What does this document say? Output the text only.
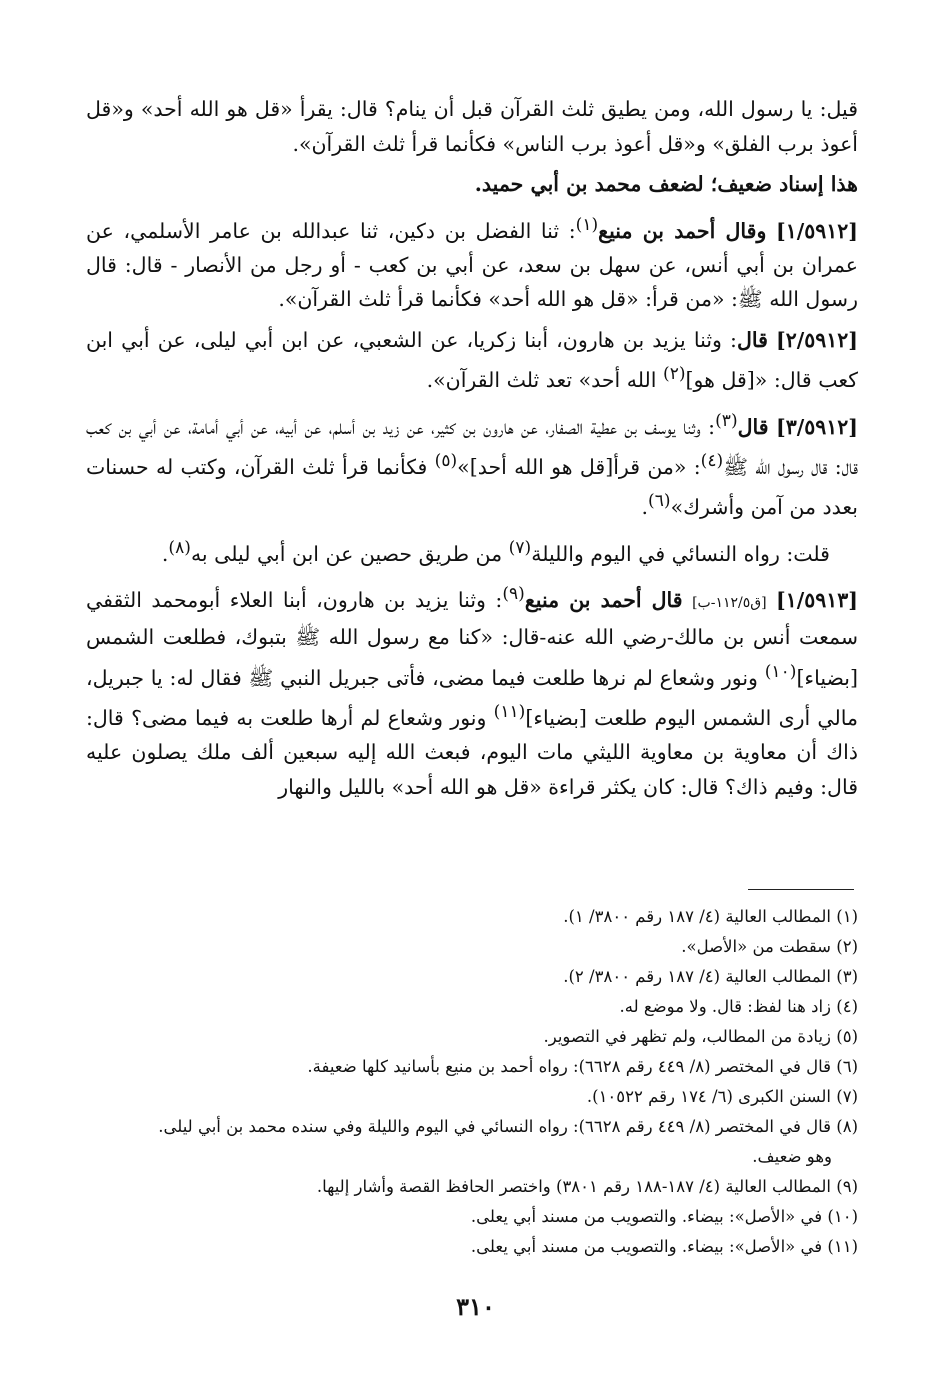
قيل: يا رسول الله، ومن يطيق ثلث القرآن قبل أن ينام؟ قال: يقرأ «قل هو الله أحد» و«قل أعوذ برب الفلق» و«قل أعوذ برب الناس» فكأنما قرأ ثلث القرآن».

هذا إسناد ضعيف؛ لضعف محمد بن أبي حميد.

[١/٥٩١٢] وقال أحمد بن منيع$^{(١)}$: ثنا الفضل بن دكين، ثنا عبدالله بن عامر الأسلمي، عن عمران بن أبي أنس، عن سهل بن سعد، عن أبي بن كعب - أو رجل من الأنصار - قال: قال رسول الله ﷺ: «من قرأ: «قل هو الله أحد» فكأنما قرأ ثلث القرآن».

[٢/٥٩١٢] قال: وثنا يزيد بن هارون، أبنا زكريا، عن الشعبي، عن ابن أبي ليلى، عن أبي ابن كعب قال: «[قل هو]$^{(٢)}$ الله أحد» تعد ثلث القرآن».

[٣/٥٩١٢] قال$^{(٣)}$: وثنا يوسف بن عطية الصفار، عن هارون بن كثير، عن زيد بن أسلم، عن أبيه، عن أبي أمامة، عن أبي بن كعب قال: قال رسول الله ﷺ$^{(٤)}$: «من قرأ[قل هو الله أحد]»$^{(٥)}$ فكأنما قرأ ثلث القرآن، وكتب له حسنات بعدد من آمن وأشرك»$^{(٦)}$.

قلت: رواه النسائي في اليوم والليلة$^{(٧)}$ من طريق حصين عن ابن أبي ليلى به$^{(٨)}$.

[١/٥٩١٣] [ق١١٢/٥-ب] قال أحمد بن منيع$^{(٩)}$: وثنا يزيد بن هارون، أبنا العلاء أبومحمد الثقفي سمعت أنس بن مالك-رضي الله عنه-قال: «كنا مع رسول الله ﷺ بتبوك، فطلعت الشمس [بضياء]$^{(١٠)}$ ونور وشعاع لم نرها طلعت فيما مضى، فأتى جبريل النبي ﷺ فقال له: يا جبريل، مالي أرى الشمس اليوم طلعت [بضياء]$^{(١١)}$ ونور وشعاع لم أرها طلعت به فيما مضى؟ قال: ذاك أن معاوية بن معاوية الليثي مات اليوم، فبعث الله إليه سبعين ألف ملك يصلون عليه قال: وفيم ذاك؟ قال: كان يكثر قراءة «قل هو الله أحد» بالليل والنهار

(١) المطالب العالية (٤/ ١٨٧ رقم ٣٨٠٠/ ١).
(٢) سقطت من «الأصل».
(٣) المطالب العالية (٤/ ١٨٧ رقم ٣٨٠٠/ ٢).
(٤) زاد هنا لفظ: قال. ولا موضع له.
(٥) زيادة من المطالب، ولم تظهر في التصوير.
(٦) قال في المختصر (٨/ ٤٤٩ رقم ٦٦٢٨): رواه أحمد بن منيع بأسانيد كلها ضعيفة.
(٧) السنن الكبرى (٦/ ١٧٤ رقم ١٠٥٢٢).
(٨) قال في المختصر (٨/ ٤٤٩ رقم ٦٦٢٨): رواه النسائي في اليوم والليلة وفي سنده محمد بن أبي ليلى.
وهو ضعيف.
(٩) المطالب العالية (٤/ ١٨٧-١٨٨ رقم ٣٨٠١) واختصر الحافظ القصة وأشار إليها.
(١٠) في «الأصل»: بيضاء. والتصويب من مسند أبي يعلى.
(١١) في «الأصل»: بيضاء. والتصويب من مسند أبي يعلى.
٣١٠
